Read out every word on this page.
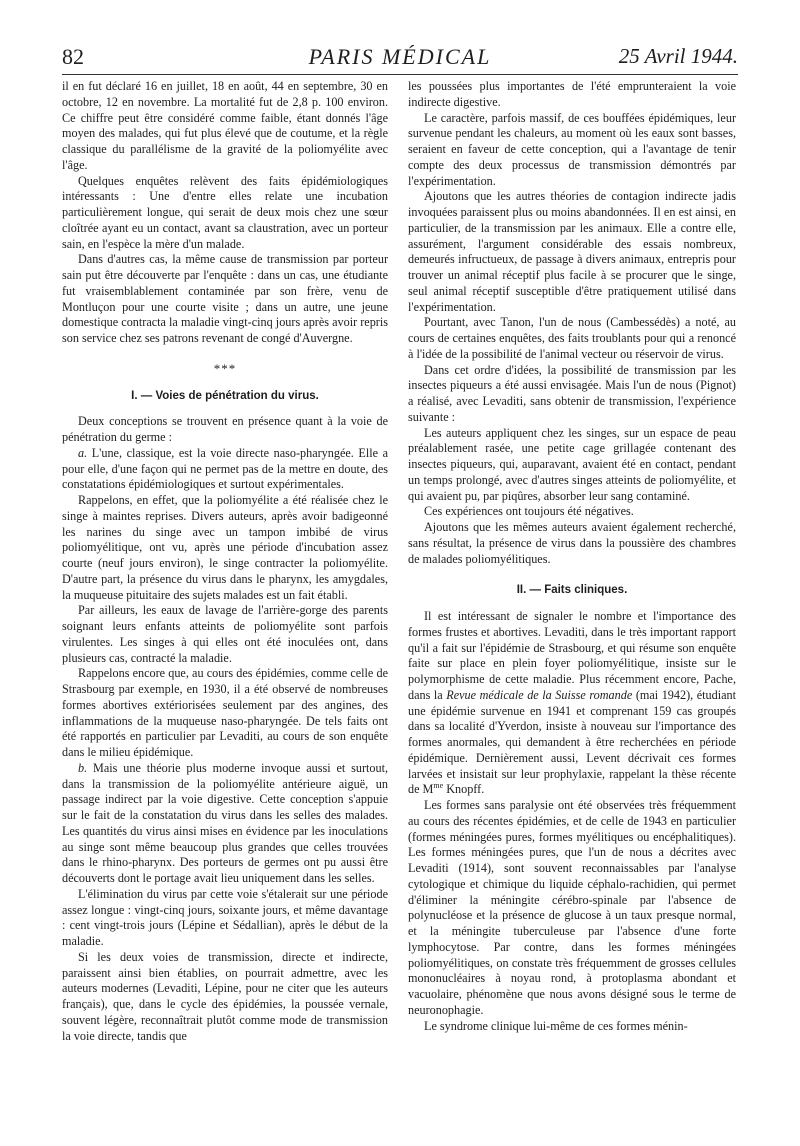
82	PARIS MÉDICAL	25 Avril 1944.

il en fut déclaré 16 en juillet, 18 en août, 44 en septembre, 30 en octobre, 12 en novembre. La mortalité fut de 2,8 p. 100 environ. Ce chiffre peut être considéré comme faible, étant donnés l'âge moyen des malades, qui fut plus élevé que de coutume, et la règle classique du parallélisme de la gravité de la poliomyélite avec l'âge.

Quelques enquêtes relèvent des faits épidémiologiques intéressants : Une d'entre elles relate une incubation particulièrement longue, qui serait de deux mois chez une sœur cloîtrée ayant eu un contact, avant sa claustration, avec un porteur sain, en l'espèce la mère d'un malade.

Dans d'autres cas, la même cause de transmission par porteur sain put être découverte par l'enquête : dans un cas, une étudiante fut vraisemblablement contaminée par son frère, venu de Montluçon pour une courte visite ; dans un autre, une jeune domestique contracta la maladie vingt-cinq jours après avoir repris son service chez ses patrons revenant de congé d'Auvergne.

***

I. — Voies de pénétration du virus.

Deux conceptions se trouvent en présence quant à la voie de pénétration du germe :

a. L'une, classique, est la voie directe naso-pharyngée. Elle a pour elle, d'une façon qui ne permet pas de la mettre en doute, des constatations épidémiologiques et surtout expérimentales.

Rappelons, en effet, que la poliomyélite a été réalisée chez le singe à maintes reprises. Divers auteurs, après avoir badigeonné les narines du singe avec un tampon imbibé de virus poliomyélitique, ont vu, après une période d'incubation assez courte (neuf jours environ), le singe contracter la poliomyélite. D'autre part, la présence du virus dans le pharynx, les amygdales, la muqueuse pituitaire des sujets malades est un fait établi.

Par ailleurs, les eaux de lavage de l'arrière-gorge des parents soignant leurs enfants atteints de poliomyélite sont parfois virulentes. Les singes à qui elles ont été inoculées ont, dans plusieurs cas, contracté la maladie.

Rappelons encore que, au cours des épidémies, comme celle de Strasbourg par exemple, en 1930, il a été observé de nombreuses formes abortives extériorisées seulement par des angines, des inflammations de la muqueuse naso-pharyngée. De tels faits ont été rapportés en particulier par Levaditi, au cours de son enquête dans le milieu épidémique.

b. Mais une théorie plus moderne invoque aussi et surtout, dans la transmission de la poliomyélite antérieure aiguë, un passage indirect par la voie digestive. Cette conception s'appuie sur le fait de la constatation du virus dans les selles des malades. Les quantités du virus ainsi mises en évidence par les inoculations au singe sont même beaucoup plus grandes que celles trouvées dans le rhino-pharynx. Des porteurs de germes ont pu aussi être découverts dont le portage avait lieu uniquement dans les selles.

L'élimination du virus par cette voie s'étalerait sur une période assez longue : vingt-cinq jours, soixante jours, et même davantage : cent vingt-trois jours (Lépine et Sédallian), après le début de la maladie.

Si les deux voies de transmission, directe et indirecte, paraissent ainsi bien établies, on pourrait admettre, avec les auteurs modernes (Levaditi, Lépine, pour ne citer que les auteurs français), que, dans le cycle des épidémies, la poussée vernale, souvent légère, reconnaîtrait plutôt comme mode de transmission la voie directe, tandis que

les poussées plus importantes de l'été emprunteraient la voie indirecte digestive.

Le caractère, parfois massif, de ces bouffées épidémiques, leur survenue pendant les chaleurs, au moment où les eaux sont basses, seraient en faveur de cette conception, qui a l'avantage de tenir compte des deux processus de transmission démontrés par l'expérimentation.

Ajoutons que les autres théories de contagion indirecte jadis invoquées paraissent plus ou moins abandonnées. Il en est ainsi, en particulier, de la transmission par les animaux. Elle a contre elle, assurément, l'argument considérable des essais nombreux, demeurés infructueux, de passage à divers animaux, entrepris pour trouver un animal réceptif plus facile à se procurer que le singe, seul animal réceptif susceptible d'être pratiquement utilisé dans l'expérimentation.

Pourtant, avec Tanon, l'un de nous (Cambessédès) a noté, au cours de certaines enquêtes, des faits troublants pour qui a renoncé à l'idée de la possibilité de l'animal vecteur ou réservoir de virus.

Dans cet ordre d'idées, la possibilité de transmission par les insectes piqueurs a été aussi envisagée. Mais l'un de nous (Pignot) a réalisé, avec Levaditi, sans obtenir de transmission, l'expérience suivante :

Les auteurs appliquent chez les singes, sur un espace de peau préalablement rasée, une petite cage grillagée contenant des insectes piqueurs, qui, auparavant, avaient été en contact, pendant un temps prolongé, avec d'autres singes atteints de poliomyélite, et qui avaient pu, par piqûres, absorber leur sang contaminé.

Ces expériences ont toujours été négatives.

Ajoutons que les mêmes auteurs avaient également recherché, sans résultat, la présence de virus dans la poussière des chambres de malades poliomyélitiques.

II. — Faits cliniques.

Il est intéressant de signaler le nombre et l'importance des formes frustes et abortives. Levaditi, dans le très important rapport qu'il a fait sur l'épidémie de Strasbourg, et qui résume son enquête faite sur place en plein foyer poliomyélitique, insiste sur le polymorphisme de cette maladie. Plus récemment encore, Pache, dans la Revue médicale de la Suisse romande (mai 1942), étudiant une épidémie survenue en 1941 et comprenant 159 cas groupés dans sa localité d'Yverdon, insiste à nouveau sur l'importance des formes anormales, qui demandent à être recherchées en période épidémique. Dernièrement aussi, Levent décrivait ces formes larvées et insistait sur leur prophylaxie, rappelant la thèse récente de $M^{me}$ Knopff.

Les formes sans paralysie ont été observées très fréquemment au cours des récentes épidémies, et de celle de 1943 en particulier (formes méningées pures, formes myélitiques ou encéphalitiques). Les formes méningées pures, que l'un de nous a décrites avec Levaditi (1914), sont souvent reconnaissables par l'analyse cytologique et chimique du liquide céphalo-rachidien, qui permet d'éliminer la méningite cérébro-spinale par l'absence de polynucléose et la présence de glucose à un taux presque normal, et la méningite tuberculeuse par l'absence d'une forte lymphocytose. Par contre, dans les formes méningées poliomyélitiques, on constate très fréquemment de grosses cellules mononucléaires à noyau rond, à protoplasma abondant et vacuolaire, phénomène que nous avons désigné sous le terme de neuronophagie.

Le syndrome clinique lui-même de ces formes ménin-
